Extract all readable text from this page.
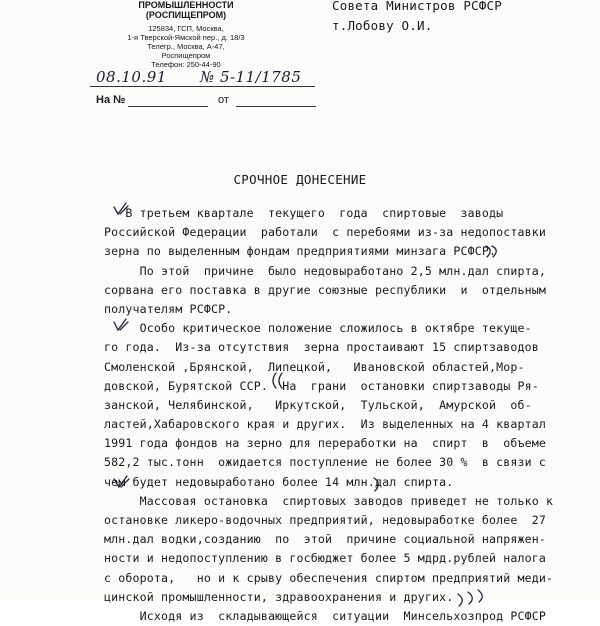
ПРОМЫШЛЕННОСТИ
(РОСПИЩЕПРОМ)
125834, ГСП, Москва,
1-я Тверской-Ямской пер., д. 18/3
Телегр., Москва, А-47,
Роспищепром
Телефон: 250-44-90
Совета Министров РСФСР
т.Лобову О.И.
08.10.91 № 5-11/1785
На №	от
СРОЧНОЕ ДОНЕСЕНИЕ
В третьем квартале  текущего  года  спиртовые  заводы
Российской Федерации  работали  с перебоями из-за недопоставки
зерна по выделенным фондам предприятиями минзага РСФСР.
По этой  причине  было недовыработано 2,5 млн.дал спирта,
сорвана его поставка в другие союзные республики  и  отдельным
получателям РСФСР.
Особо критическое положение сложилось в октябре текуще-
го года.  Из-за отсутствия  зерна простаивают 15 спиртзаводов
Смоленской ,Брянской,  Липецкой,   Ивановской областей,Мор-
довской, Бурятской ССР.  На  грани  остановки спиртзаводы Ря-
занской, Челябинской,   Иркутской,  Тульской,  Амурской  об-
ластей,Хабаровского края и других.  Из выделенных на 4 квартал
1991 года фондов на зерно для переработки на  спирт  в  объеме
582,2 тыс.тонн  ожидается поступление не более 30 %  в связи с
чем будет недовыработано более 14 млн.дал спирта.
Массовая остановка  спиртовых заводов приведет не только к
остановке ликеро-водочных предприятий, недовыработке более  27
млн.дал водки,созданию  по  этой  причине социальной напряжен-
ности и недопоступлению в госбюджет более 5 мдрд.рублей налога
с оборота,   но и к срыву обеспечения спиртом предприятий меди-
цинской промышленности, здравоохранения и других.
Исходя из  складывающейся  ситуации  Минсельхозпрод РСФСР
